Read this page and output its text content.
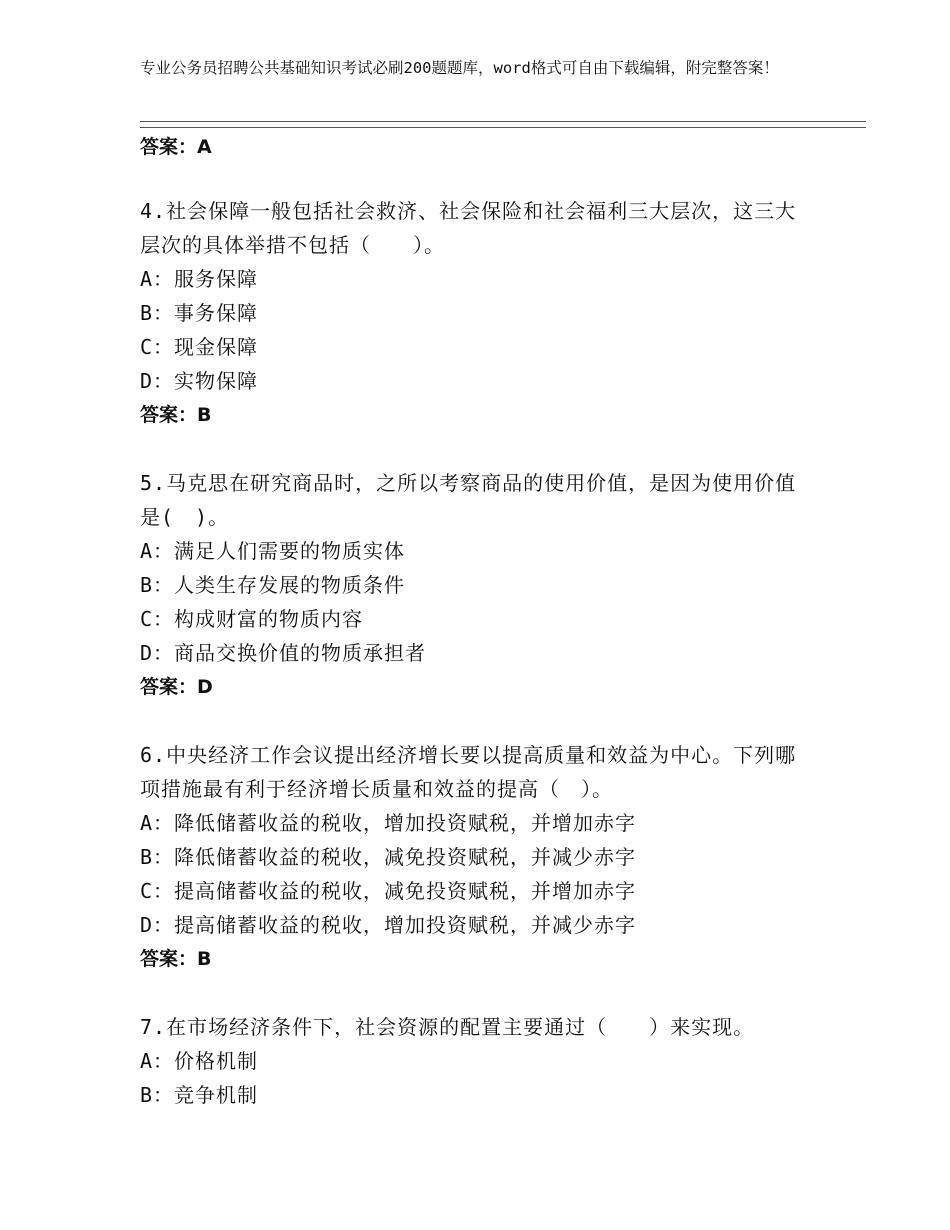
专业公务员招聘公共基础知识考试必刷200题题库，word格式可自由下载编辑，附完整答案！

答案：A

4.社会保障一般包括社会救济、社会保险和社会福利三大层次，这三大层次的具体举措不包括（　　）。

A：服务保障

B：事务保障

C：现金保障

D：实物保障

答案：B

5.马克思在研究商品时，之所以考察商品的使用价值，是因为使用价值是(　)。

A：满足人们需要的物质实体

B：人类生存发展的物质条件

C：构成财富的物质内容

D：商品交换价值的物质承担者

答案：D

6.中央经济工作会议提出经济增长要以提高质量和效益为中心。下列哪项措施最有利于经济增长质量和效益的提高（　）。

A：降低储蓄收益的税收，增加投资赋税，并增加赤字

B：降低储蓄收益的税收，减免投资赋税，并减少赤字

C：提高储蓄收益的税收，减免投资赋税，并增加赤字

D：提高储蓄收益的税收，增加投资赋税，并减少赤字

答案：B

7.在市场经济条件下，社会资源的配置主要通过（　　）来实现。

A：价格机制

B：竞争机制
